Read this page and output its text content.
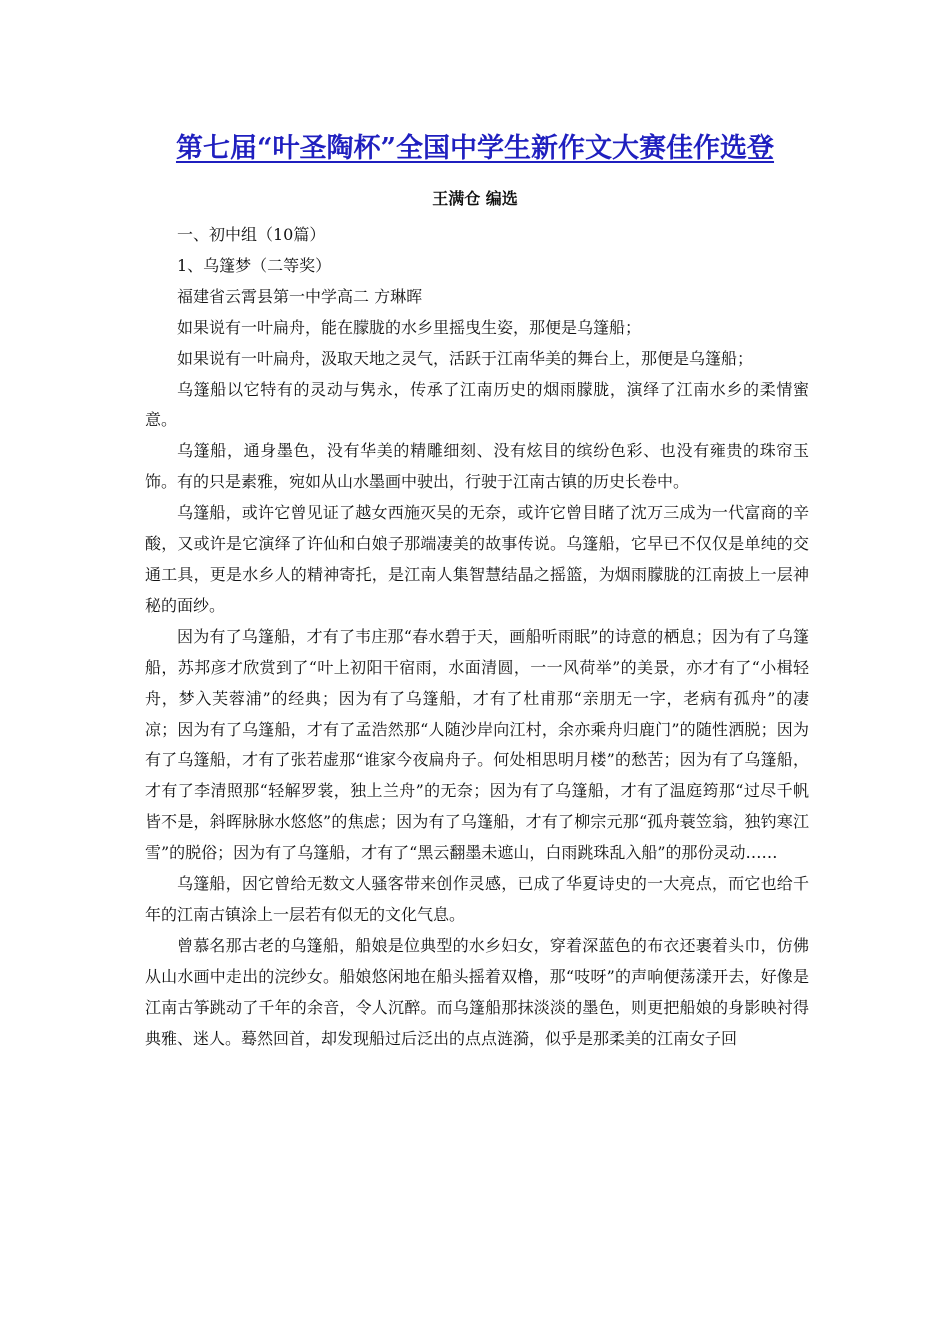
第七届“叶圣陶杯”全国中学生新作文大赛佳作选登
王满仓 编选

一、初中组（10篇）

1、乌篷梦（二等奖）

福建省云霄县第一中学高二 方琳晖

如果说有一叶扁舟，能在朦胧的水乡里摇曳生姿，那便是乌篷船；

如果说有一叶扁舟，汲取天地之灵气，活跃于江南华美的舞台上，那便是乌篷船；

乌篷船以它特有的灵动与隽永，传承了江南历史的烟雨朦胧，演绎了江南水乡的柔情蜜意。

乌篷船，通身墨色，没有华美的精雕细刻、没有炫目的缤纷色彩、也没有雍贵的珠帘玉饰。有的只是素雅，宛如从山水墨画中驶出，行驶于江南古镇的历史长卷中。

乌篷船，或许它曾见证了越女西施灭吴的无奈，或许它曾目睹了沈万三成为一代富商的辛酸，又或许是它演绎了许仙和白娘子那端凄美的故事传说。乌篷船，它早已不仅仅是单纯的交通工具，更是水乡人的精神寄托，是江南人集智慧结晶之摇篮，为烟雨朦胧的江南披上一层神秘的面纱。

因为有了乌篷船，才有了韦庄那“春水碧于天，画船听雨眠”的诗意的栖息；因为有了乌篷船，苏邦彦才欣赏到了“叶上初阳干宿雨，水面清圆，一一风荷举”的美景，亦才有了“小楫轻舟，梦入芙蓉浦”的经典；因为有了乌篷船，才有了杜甫那“亲朋无一字，老病有孤舟”的凄凉；因为有了乌篷船，才有了孟浩然那“人随沙岸向江村，余亦乘舟归鹿门”的随性洒脱；因为有了乌篷船，才有了张若虚那“谁家今夜扁舟子。何处相思明月楼”的愁苦；因为有了乌篷船，才有了李清照那“轻解罗裳，独上兰舟”的无奈；因为有了乌篷船，才有了温庭筠那“过尽千帆皆不是，斜晖脉脉水悠悠”的焦虑；因为有了乌篷船，才有了柳宗元那“孤舟蓑笠翁，独钓寒江雪”的脱俗；因为有了乌篷船，才有了“黑云翻墨未遮山，白雨跳珠乱入船”的那份灵动……

乌篷船，因它曾给无数文人骚客带来创作灵感，已成了华夏诗史的一大亮点，而它也给千年的江南古镇涂上一层若有似无的文化气息。

曾慕名那古老的乌篷船，船娘是位典型的水乡妇女，穿着深蓝色的布衣还裹着头巾，仿佛从山水画中走出的浣纱女。船娘悠闲地在船头摇着双橹，那“吱呀”的声响便荡漾开去，好像是江南古筝跳动了千年的余音，令人沉醉。而乌篷船那抹淡淡的墨色，则更把船娘的身影映衬得典雅、迷人。蓦然回首，却发现船过后泛出的点点涟漪，似乎是那柔美的江南女子回
